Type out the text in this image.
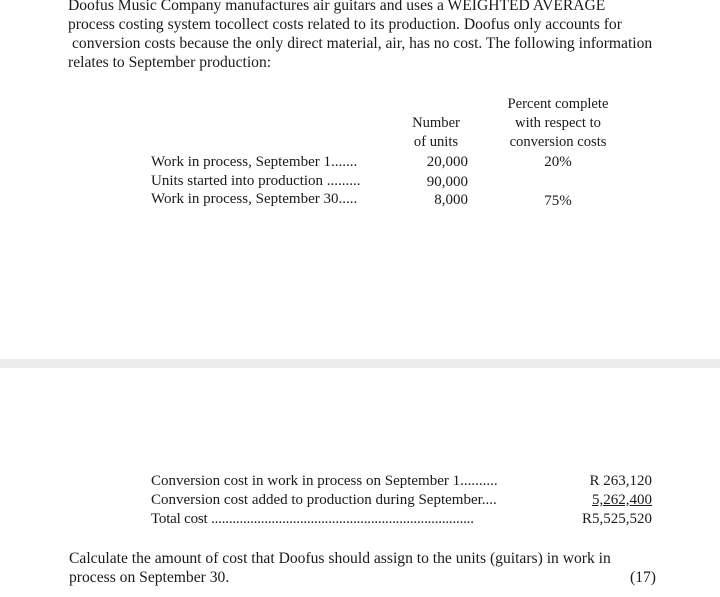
Doofus Music Company manufactures air guitars and uses a WEIGHTED AVERAGE
process costing system tocollect costs related to its production. Doofus only accounts for
conversion costs because the only direct material, air, has no cost. The following information
relates to September production:
Number
of units
Percent complete
with respect to
conversion costs
Work in process, September 1.......	20,000	20%
Units started into production .........	90,000
Work in process, September 30.....	8,000	75%
Conversion cost in work in process on September 1..........	R 263,120
Conversion cost added to production during September....	5,262,400
Total cost ..........................................................................	R5,525,520
Calculate the amount of cost that Doofus should assign to the units (guitars) in work in
process on September 30.	(17)
